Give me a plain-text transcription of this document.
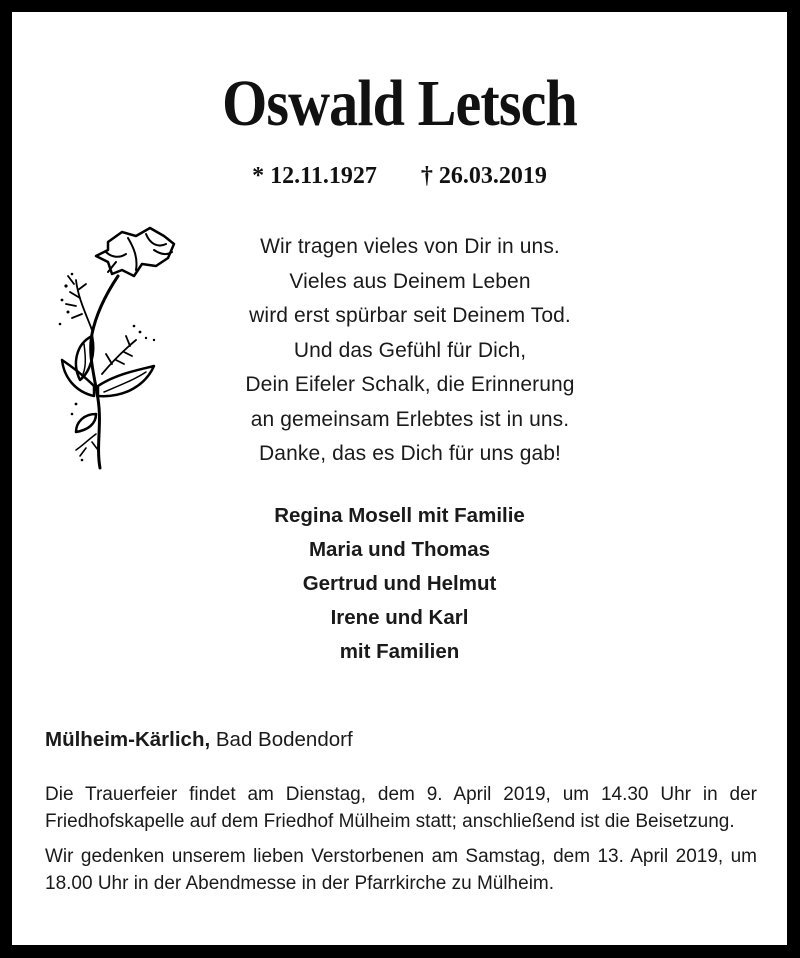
Oswald Letsch
* 12.11.1927 † 26.03.2019
Wir tragen vieles von Dir in uns.
Vieles aus Deinem Leben
wird erst spürbar seit Deinem Tod.
Und das Gefühl für Dich,
Dein Eifeler Schalk, die Erinnerung
an gemeinsam Erlebtes ist in uns.
Danke, das es Dich für uns gab!
Regina Mosell mit Familie
Maria und Thomas
Gertrud und Helmut
Irene und Karl
mit Familien
Mülheim-Kärlich, Bad Bodendorf

Die Trauerfeier findet am Dienstag, dem 9. April 2019, um 14.30 Uhr in der Friedhofskapelle auf dem Friedhof Mülheim statt; anschließend ist die Beisetzung.

Wir gedenken unserem lieben Verstorbenen am Samstag, dem 13. April 2019, um 18.00 Uhr in der Abendmesse in der Pfarrkirche zu Mülheim.
